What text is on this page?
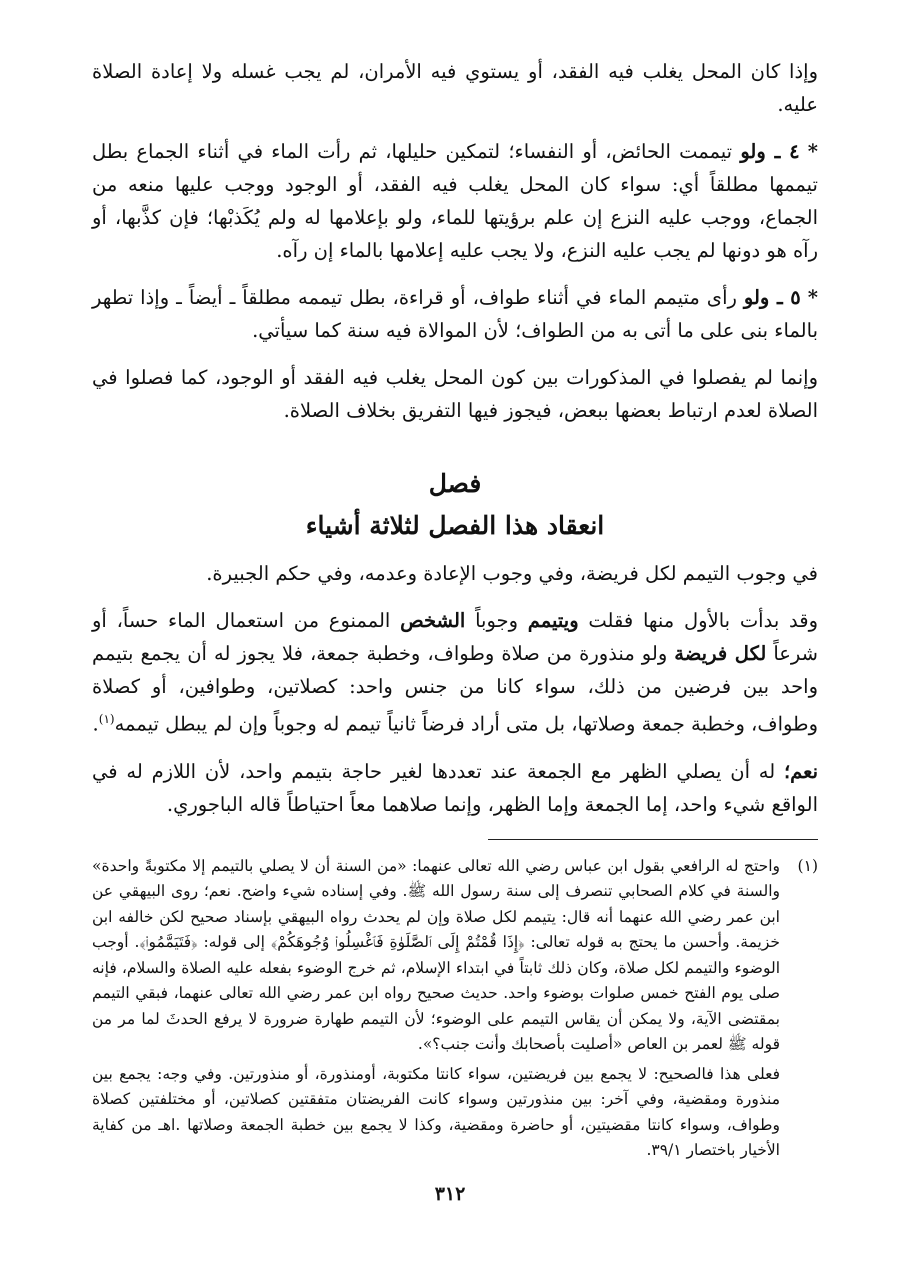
وإذا كان المحل يغلب فيه الفقد، أو يستوي فيه الأمران، لم يجب غسله ولا إعادة الصلاة عليه.

* ٤ ـ ولو تيممت الحائض، أو النفساء؛ لتمكين حليلها، ثم رأت الماء في أثناء الجماع بطل تيممها مطلقاً أي: سواء كان المحل يغلب فيه الفقد، أو الوجود ووجب عليها منعه من الجماع، ووجب عليه النزع إن علم برؤيتها للماء، ولو بإعلامها له ولم يُكَذبْها؛ فإن كذَّبها، أو رآه هو دونها لم يجب عليه النزع، ولا يجب عليه إعلامها بالماء إن رآه.

* ٥ ـ ولو رأى متيمم الماء في أثناء طواف، أو قراءة، بطل تيممه مطلقاً ـ أيضاً ـ وإذا تطهر بالماء بنى على ما أتى به من الطواف؛ لأن الموالاة فيه سنة كما سيأتي.

وإنما لم يفصلوا في المذكورات بين كون المحل يغلب فيه الفقد أو الوجود، كما فصلوا في الصلاة لعدم ارتباط بعضها ببعض، فيجوز فيها التفريق بخلاف الصلاة.

فصل
انعقاد هذا الفصل لثلاثة أشياء

في وجوب التيمم لكل فريضة، وفي وجوب الإعادة وعدمه، وفي حكم الجبيرة.

وقد بدأت بالأول منها فقلت ويتيمم وجوباً الشخص الممنوع من استعمال الماء حساً، أو شرعاً لكل فريضة ولو منذورة من صلاة وطواف، وخطبة جمعة، فلا يجوز له أن يجمع بتيمم واحد بين فرضين من ذلك، سواء كانا من جنس واحد: كصلاتين، وطوافين، أو كصلاة وطواف، وخطبة جمعة وصلاتها، بل متى أراد فرضاً ثانياً تيمم له وجوباً وإن لم يبطل تيممه$^{(١)}$.

نعم؛ له أن يصلي الظهر مع الجمعة عند تعددها لغير حاجة بتيمم واحد، لأن اللازم له في الواقع شيء واحد، إما الجمعة وإما الظهر، وإنما صلاهما معاً احتياطاً قاله الباجوري.

(١)

واحتج له الرافعي بقول ابن عباس رضي الله تعالى عنهما: «من السنة أن لا يصلي بالتيمم إلا مكتوبةً واحدة» والسنة في كلام الصحابي تنصرف إلى سنة رسول الله ﷺ. وفي إسناده شيء واضح. نعم؛ روى البيهقي عن ابن عمر رضي الله عنهما أنه قال: يتيمم لكل صلاة وإن لم يحدث رواه البيهقي بإسناد صحيح لكن خالفه ابن خزيمة. وأحسن ما يحتج به قوله تعالى: ﴿إِذَا قُمْتُمْ إِلَى ٱلصَّلَوٰةِ فَٱغْسِلُوا۟ وُجُوهَكُمْ﴾ إلى قوله: ﴿فَتَيَمَّمُوا۟﴾. أوجب الوضوء والتيمم لكل صلاة، وكان ذلك ثابتاً في ابتداء الإسلام، ثم خرج الوضوء بفعله عليه الصلاة والسلام، فإنه صلى يوم الفتح خمس صلوات بوضوء واحد. حديث صحيح رواه ابن عمر رضي الله تعالى عنهما، فبقي التيمم بمقتضى الآية، ولا يمكن أن يقاس التيمم على الوضوء؛ لأن التيمم طهارة ضرورة لا يرفع الحدثَ لما مر من قوله ﷺ لعمر بن العاص «أصليت بأصحابك وأنت جنب؟».

فعلى هذا فالصحيح: لا يجمع بين فريضتين، سواء كانتا مكتوبة، أومنذورة، أو منذورتين. وفي وجه: يجمع بين منذورة ومقضية، وفي آخر: بين منذورتين وسواء كانت الفريضتان متفقتين كصلاتين، أو مختلفتين كصلاة وطواف، وسواء كانتا مقضيتين، أو حاضرة ومقضية، وكذا لا يجمع بين خطبة الجمعة وصلاتها .اهـ من كفاية الأخيار باختصار ٣٩/١.

٣١٢
